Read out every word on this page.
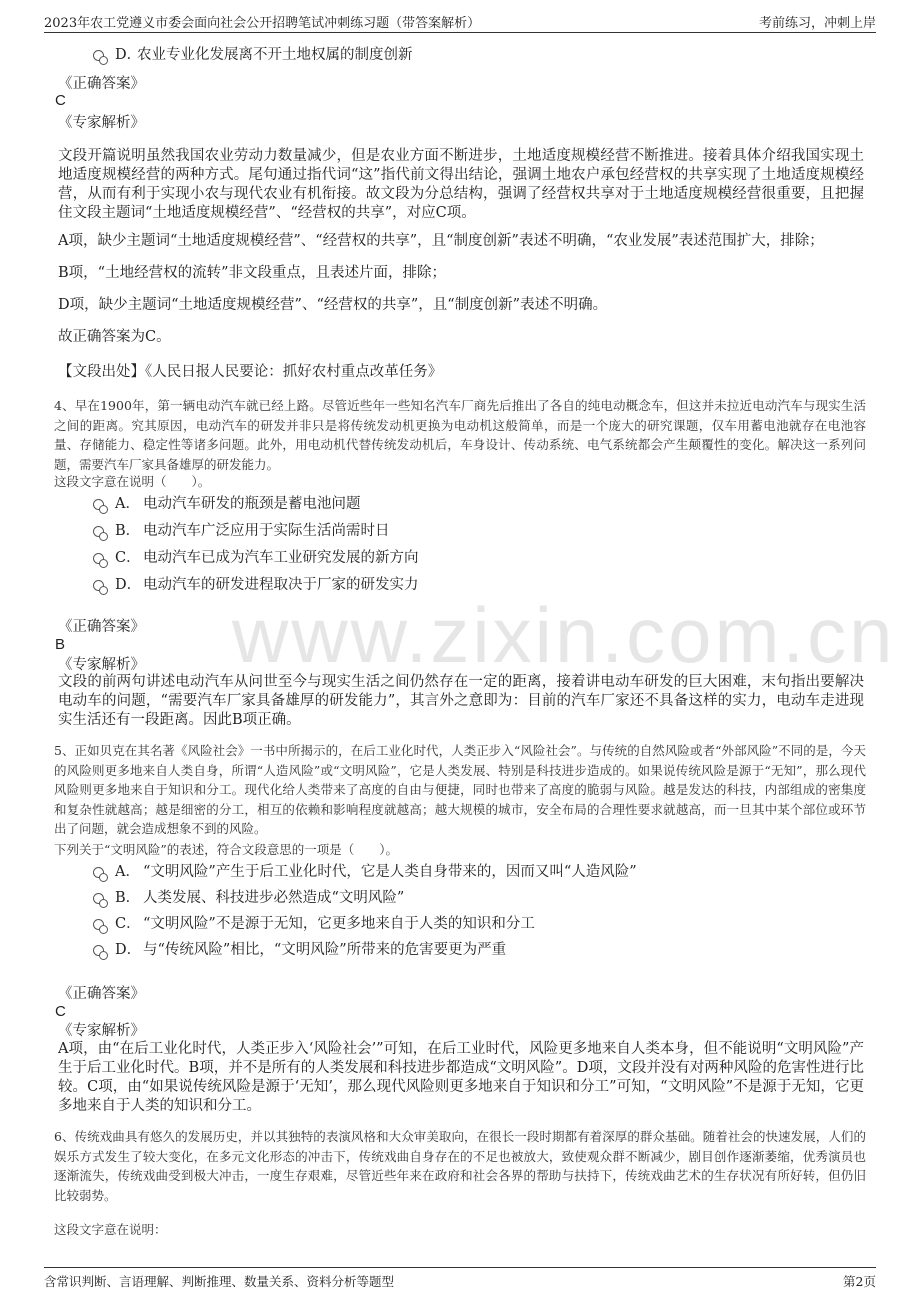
2023年农工党遵义市委会面向社会公开招聘笔试冲刺练习题（带答案解析）	考前练习，冲刺上岸
www.zixin.com.cn
D．
农业专业化发展离不开土地权属的制度创新
《正确答案》
C
《专家解析》
文段开篇说明虽然我国农业劳动力数量减少，但是农业方面不断进步，土地适度规模经营不断推进。接着具体介绍我国实现土地适度规模经营的两种方式。尾句通过指代词“这”指代前文得出结论，强调土地农户承包经营权的共享实现了土地适度规模经营，从而有利于实现小农与现代农业有机衔接。故文段为分总结构，强调了经营权共享对于土地适度规模经营很重要，且把握住文段主题词“土地适度规模经营”、“经营权的共享”，对应C项。
A项，缺少主题词“土地适度规模经营”、“经营权的共享”，且“制度创新”表述不明确，“农业发展”表述范围扩大，排除；
B项，“土地经营权的流转”非文段重点，且表述片面，排除；
D项，缺少主题词“土地适度规模经营”、“经营权的共享”，且“制度创新”表述不明确。
故正确答案为C。
【文段出处】《人民日报人民要论：抓好农村重点改革任务》
4、早在1900年，第一辆电动汽车就已经上路。尽管近些年一些知名汽车厂商先后推出了各自的纯电动概念车，但这并未拉近电动汽车与现实生活之间的距离。究其原因，电动汽车的研发并非只是将传统发动机更换为电动机这般简单，而是一个庞大的研究课题，仅车用蓄电池就存在电池容量、存储能力、稳定性等诸多问题。此外，用电动机代替传统发动机后，车身设计、传动系统、电气系统都会产生颠覆性的变化。解决这一系列问题，需要汽车厂家具备雄厚的研发能力。
这段文字意在说明（　　）。
A． 电动汽车研发的瓶颈是蓄电池问题
B． 电动汽车广泛应用于实际生活尚需时日
C． 电动汽车已成为汽车工业研究发展的新方向
D． 电动汽车的研发进程取决于厂家的研发实力
《正确答案》
B
《专家解析》
文段的前两句讲述电动汽车从问世至今与现实生活之间仍然存在一定的距离，接着讲电动车研发的巨大困难，末句指出要解决电动车的问题，“需要汽车厂家具备雄厚的研发能力”，其言外之意即为：目前的汽车厂家还不具备这样的实力，电动车走进现实生活还有一段距离。因此B项正确。
5、正如贝克在其名著《风险社会》一书中所揭示的，在后工业化时代，人类正步入“风险社会”。与传统的自然风险或者“外部风险”不同的是，今天的风险则更多地来自人类自身，所谓“人造风险”或“文明风险”，它是人类发展、特别是科技进步造成的。如果说传统风险是源于“无知”，那么现代风险则更多地来自于知识和分工。现代化给人类带来了高度的自由与便捷，同时也带来了高度的脆弱与风险。越是发达的科技，内部组成的密集度和复杂性就越高；越是细密的分工，相互的依赖和影响程度就越高；越大规模的城市，安全布局的合理性要求就越高，而一旦其中某个部位或环节出了问题，就会造成想象不到的风险。
下列关于“文明风险”的表述，符合文段意思的一项是（　　）。
A． “文明风险”产生于后工业化时代，它是人类自身带来的，因而又叫“人造风险”
B． 人类发展、科技进步必然造成“文明风险”
C． “文明风险”不是源于无知，它更多地来自于人类的知识和分工
D． 与“传统风险”相比，“文明风险”所带来的危害要更为严重
《正确答案》
C
《专家解析》
A项，由“在后工业化时代，人类正步入‘风险社会’”可知，在后工业时代，风险更多地来自人类本身，但不能说明“文明风险”产生于后工业化时代。B项，并不是所有的人类发展和科技进步都造成“文明风险”。D项，文段并没有对两种风险的危害性进行比较。C项，由“如果说传统风险是源于‘无知’，那么现代风险则更多地来自于知识和分工”可知，“文明风险”不是源于无知，它更多地来自于人类的知识和分工。
6、传统戏曲具有悠久的发展历史，并以其独特的表演风格和大众审美取向，在很长一段时期都有着深厚的群众基础。随着社会的快速发展，人们的娱乐方式发生了较大变化，在多元文化形态的冲击下，传统戏曲自身存在的不足也被放大，致使观众群不断减少，剧目创作逐渐萎缩，优秀演员也逐渐流失，传统戏曲受到极大冲击，一度生存艰难，尽管近些年来在政府和社会各界的帮助与扶持下，传统戏曲艺术的生存状况有所好转，但仍旧比较弱势。
这段文字意在说明：
含常识判断、言语理解、判断推理、数量关系、资料分析等题型	第2页
